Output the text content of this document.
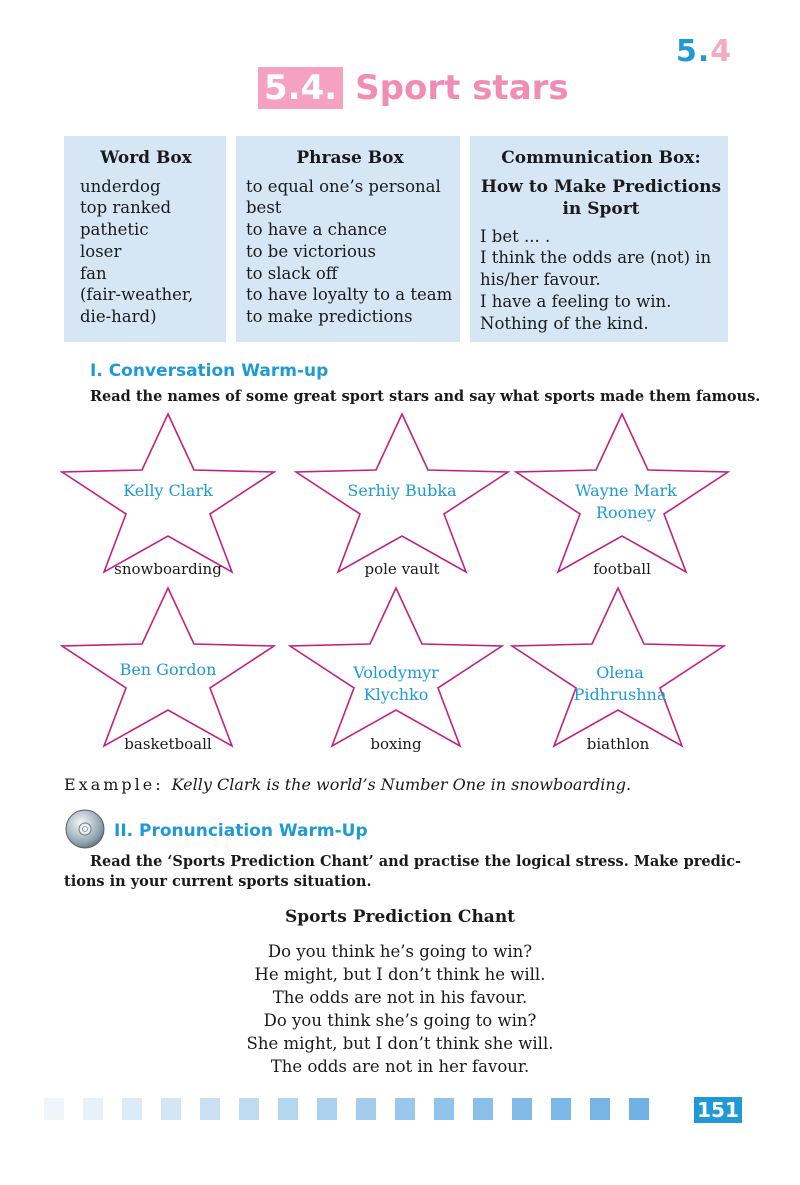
5.4
5.4. Sport stars
Word Box
underdog
top ranked
pathetic
loser
fan
(fair-weather,
die-hard)
Phrase Box
to equal one’s personal
best
to have a chance
to be victorious
to slack off
to have loyalty to a team
to make predictions
Communication Box:
How to Make Predictions
in Sport
I bet ... .
I think the odds are (not) in
his/her favour.
I have a feeling to win.
Nothing of the kind.
I. Conversation Warm-up
Read the names of some great sport stars and say what sports made them famous.
Kelly Clark
snowboarding
Serhiy Bubka
pole vault
Wayne Mark
Rooney
football
Ben Gordon
basketboall
Volodymyr
Klychko
boxing
Olena
Pidhrushna
biathlon
Example: Kelly Clark is the world’s Number One in snowboarding.
II. Pronunciation Warm-Up
Read the ‘Sports Prediction Chant’ and practise the logical stress. Make predic-
tions in your current sports situation.
Sports Prediction Chant
Do you think he’s going to win?
He might, but I don’t think he will.
The odds are not in his favour.
Do you think she’s going to win?
She might, but I don’t think she will.
The odds are not in her favour.
151
